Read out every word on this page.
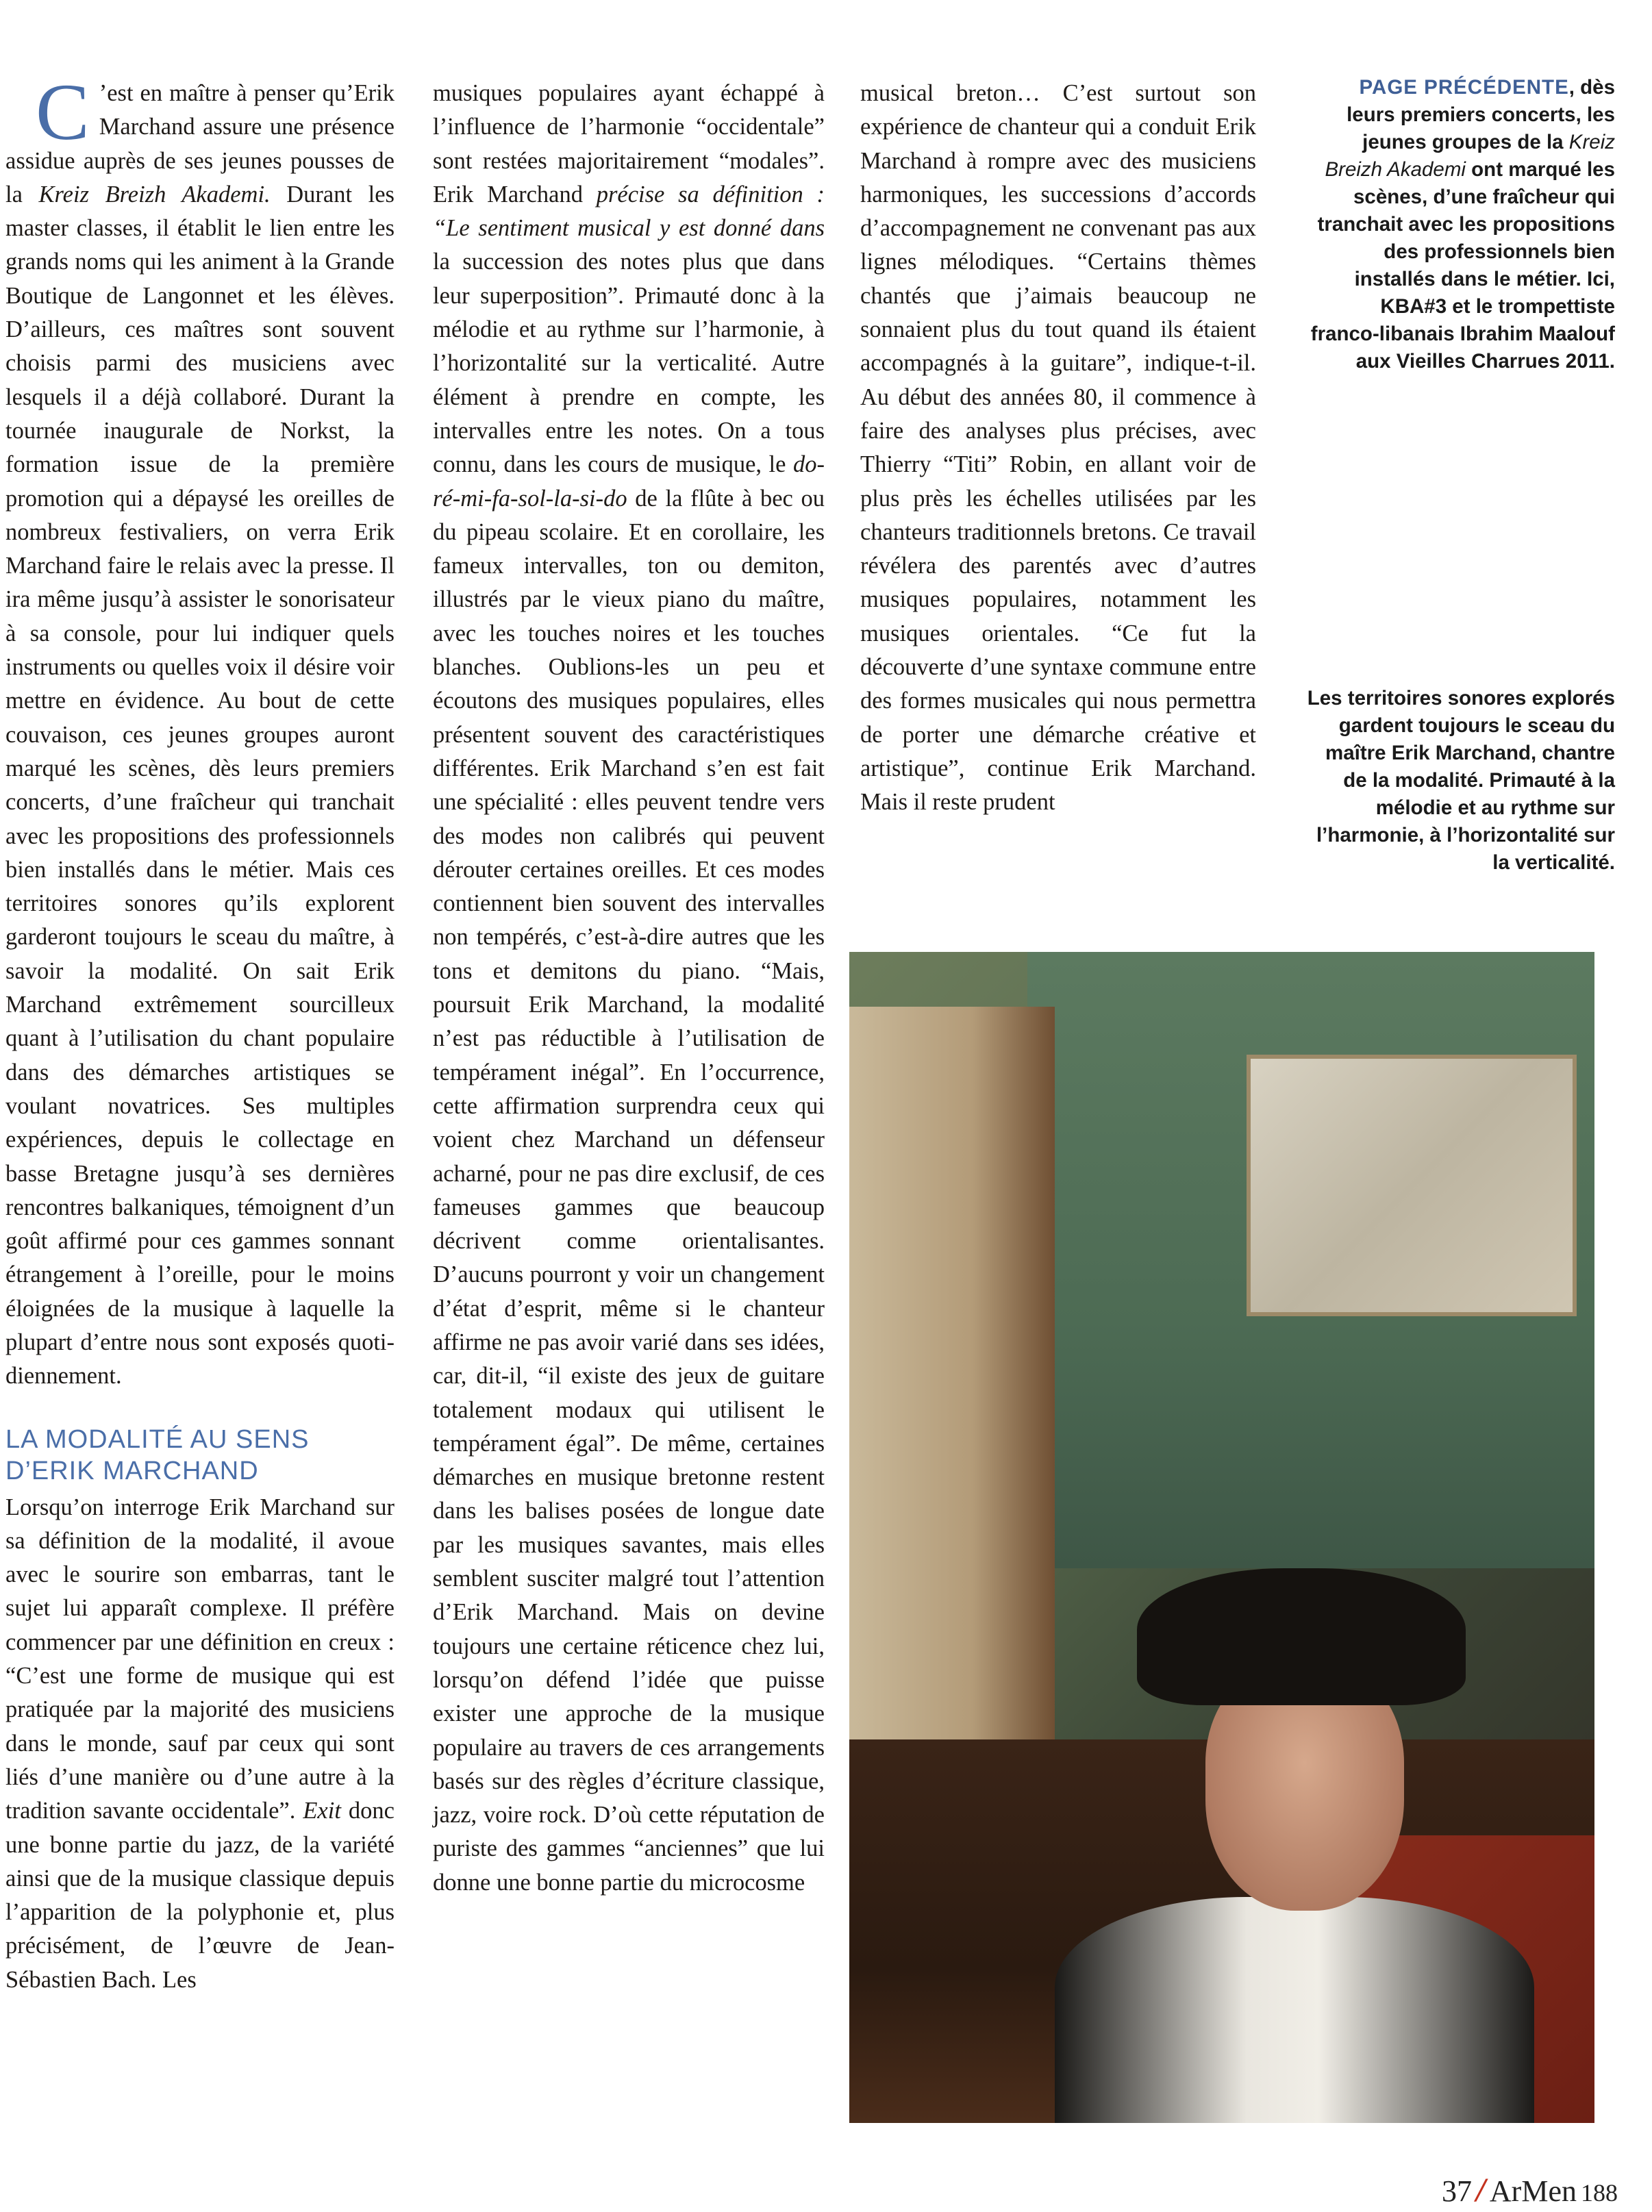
C ’est en maître à penser qu’Erik Marchand assure une présence assidue auprès de ses jeunes pousses de la Kreiz Breizh Akademi. Durant les master classes, il établit le lien entre les grands noms qui les animent à la Grande Boutique de Langonnet et les élèves. D’ailleurs, ces maîtres sont souvent choisis parmi des musiciens avec lesquels il a déjà collaboré. Durant la tournée inaugurale de Norkst, la formation issue de la première promotion qui a dépaysé les oreilles de nombreux festivaliers, on verra Erik Marchand faire le relais avec la presse. Il ira même jusqu’à assister le sonorisateur à sa console, pour lui indiquer quels instruments ou quelles voix il désire voir mettre en évidence. Au bout de cette couvaison, ces jeunes groupes auront marqué les scènes, dès leurs premiers concerts, d’une fraîcheur qui tranchait avec les propositions des professionnels bien installés dans le métier. Mais ces territoires sonores qu’ils explorent garderont toujours le sceau du maître, à savoir la modalité. On sait Erik Marchand extrêmement sourcilleux quant à l’utilisation du chant populaire dans des démarches artistiques se voulant novatrices. Ses multiples expériences, depuis le collectage en basse Bretagne jusqu’à ses dernières rencontres balkaniques, témoignent d’un goût affirmé pour ces gammes sonnant étrangement à l’oreille, pour le moins éloignées de la musique à laquelle la plupart d’entre nous sont exposés quotidiennement.

LA MODALITÉ AU SENS
D’ERIK MARCHAND

Lorsqu’on interroge Erik Marchand sur sa définition de la modalité, il avoue avec le sourire son embarras, tant le sujet lui apparaît complexe. Il préfère commencer par une définition en creux : “C’est une forme de musique qui est pratiquée par la majorité des musiciens dans le monde, sauf par ceux qui sont liés d’une manière ou d’une autre à la tradition savante occidentale”. Exit donc une bonne partie du jazz, de la variété ainsi que de la musique classique depuis l’apparition de la polyphonie et, plus précisément, de l’œuvre de Jean-Sébastien Bach. Les

musiques populaires ayant échappé à l’influence de l’harmonie “occidentale” sont restées majoritairement “modales”. Erik Marchand précise sa définition : “Le sentiment musical y est donné dans la succession des notes plus que dans leur superposition”. Primauté donc à la mélodie et au rythme sur l’harmonie, à l’horizontalité sur la verticalité. Autre élément à prendre en compte, les intervalles entre les notes. On a tous connu, dans les cours de musique, le do-ré-mi-fa-sol-la-si-do de la flûte à bec ou du pipeau scolaire. Et en corollaire, les fameux intervalles, ton ou demiton, illustrés par le vieux piano du maître, avec les touches noires et les touches blanches. Oublions-les un peu et écoutons des musiques populaires, elles présentent souvent des caractéristiques différentes. Erik Marchand s’en est fait une spécialité : elles peuvent tendre vers des modes non calibrés qui peuvent dérouter certaines oreilles. Et ces modes contiennent bien souvent des intervalles non tempérés, c’est-à-dire autres que les tons et demitons du piano. “Mais, poursuit Erik Marchand, la modalité n’est pas réductible à l’utilisation de tempérament inégal”. En l’occurrence, cette affirmation surprendra ceux qui voient chez Marchand un défenseur acharné, pour ne pas dire exclusif, de ces fameuses gammes que beaucoup décrivent comme orientalisantes. D’aucuns pourront y voir un changement d’état d’esprit, même si le chanteur affirme ne pas avoir varié dans ses idées, car, dit-il, “il existe des jeux de guitare totalement modaux qui utilisent le tempérament égal”. De même, certaines démarches en musique bretonne restent dans les balises posées de longue date par les musiques savantes, mais elles semblent susciter malgré tout l’attention d’Erik Marchand. Mais on devine toujours une certaine réticence chez lui, lorsqu’on défend l’idée que puisse exister une approche de la musique populaire au travers de ces arrangements basés sur des règles d’écriture classique, jazz, voire rock. D’où cette réputation de puriste des gammes “anciennes” que lui donne une bonne partie du microcosme

musical breton… C’est surtout son expérience de chanteur qui a conduit Erik Marchand à rompre avec des musiciens harmoniques, les successions d’accords d’accompagnement ne convenant pas aux lignes mélodiques. “Certains thèmes chantés que j’aimais beaucoup ne sonnaient plus du tout quand ils étaient accompagnés à la guitare”, indique-t-il. Au début des années 80, il commence à faire des analyses plus précises, avec Thierry “Titi” Robin, en allant voir de plus près les échelles utilisées par les chanteurs traditionnels bretons. Ce travail révélera des parentés avec d’autres musiques populaires, notamment les musiques orientales. “Ce fut la découverte d’une syntaxe commune entre des formes musicales qui nous permettra de porter une démarche créative et artistique”, continue Erik Marchand. Mais il reste prudent

PAGE PRÉCÉDENTE, dès leurs premiers concerts, les jeunes groupes de la Kreiz Breizh Akademi ont marqué les scènes, d’une fraîcheur qui tranchait avec les propositions des professionnels bien installés dans le métier. Ici, KBA#3 et le trompettiste franco-libanais Ibrahim Maalouf aux Vieilles Charrues 2011.
Les territoires sonores explorés gardent toujours le sceau du maître Erik Marchand, chantre de la modalité. Primauté à la mélodie et au rythme sur l’harmonie, à l’horizontalité sur la verticalité.
37 / ArMen 188
